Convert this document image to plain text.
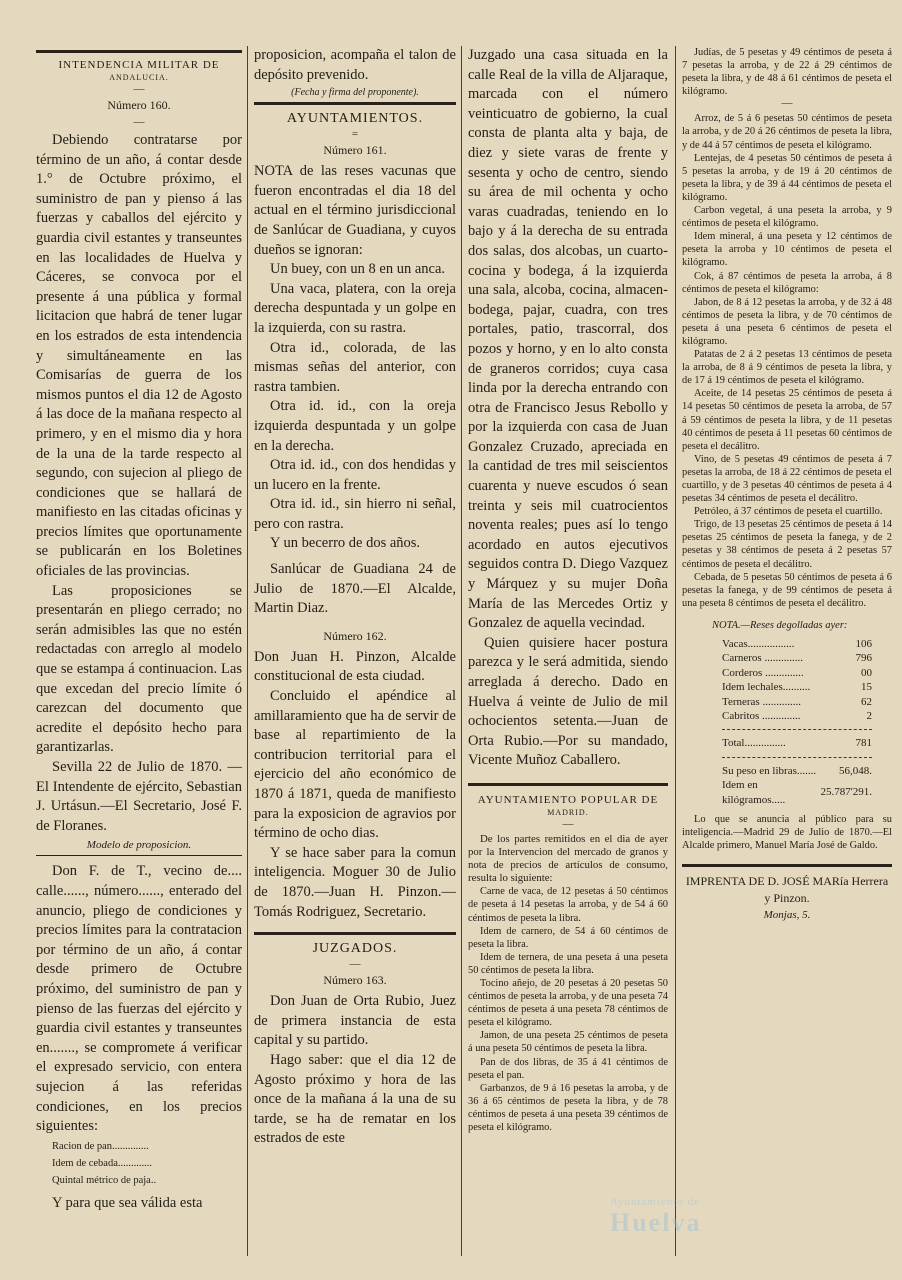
INTENDENCIA MILITAR DE
ANDALUCIA.
—
Número 160.
—

Debiendo contratarse por término de un año, á contar desde 1.° de Octubre próximo, el suministro de pan y pienso á las fuerzas y caballos del ejército y guardia civil estantes y transeuntes en las localidades de Huelva y Cáceres, se convoca por el presente á una pública y formal licitacion que habrá de tener lugar en los estrados de esta intendencia y simultáneamente en las Comisarías de guerra de los mismos puntos el dia 12 de Agosto á las doce de la mañana respecto al primero, y en el mismo dia y hora de la una de la tarde respecto al segundo, con sujecion al pliego de condiciones que se hallará de manifiesto en las citadas oficinas y precios límites que oportunamente se publicarán en los Boletines oficiales de las provincias.

Las proposiciones se presentarán en pliego cerrado; no serán admisibles las que no estén redactadas con arreglo al modelo que se estampa á continuacion. Las que excedan del precio límite ó carezcan del documento que acredite el depósito hecho para garantizarlas.

Sevilla 22 de Julio de 1870. —El Intendente de ejército, Sebastian J. Urtásun.—El Secretario, José F. de Floranes.

Modelo de proposicion.

Don F. de T., vecino de.... calle......, número......, enterado del anuncio, pliego de condiciones y precios límites para la contratacion por término de un año, á contar desde primero de Octubre próximo, del suministro de pan y pienso de las fuerzas del ejército y guardia civil estantes y transeuntes en......., se compromete á verificar el expresado servicio, con entera sujecion á las referidas condiciones, en los precios siguientes:

Racion de pan..............
Idem de cebada.............
Quintal métrico de paja..

Y para que sea válida esta

proposicion, acompaña el talon de depósito prevenido.

(Fecha y firma del proponente).
AYUNTAMIENTOS.
=
Número 161.

NOTA de las reses vacunas que fueron encontradas el dia 18 del actual en el término jurisdiccional de Sanlúcar de Guadiana, y cuyos dueños se ignoran:

Un buey, con un 8 en un anca.

Una vaca, platera, con la oreja derecha despuntada y un golpe en la izquierda, con su rastra.

Otra id., colorada, de las mismas señas del anterior, con rastra tambien.

Otra id. id., con la oreja izquierda despuntada y un golpe en la derecha.

Otra id. id., con dos hendidas y un lucero en la frente.

Otra id. id., sin hierro ni señal, pero con rastra.

Y un becerro de dos años.

Sanlúcar de Guadiana 24 de Julio de 1870.—El Alcalde, Martin Diaz.

Número 162.

Don Juan H. Pinzon, Alcalde constitucional de esta ciudad.

Concluido el apéndice al amillaramiento que ha de servir de base al repartimiento de la contribucion territorial para el ejercicio del año económico de 1870 á 1871, queda de manifiesto para la exposicion de agravios por término de ocho dias.

Y se hace saber para la comun inteligencia. Moguer 30 de Julio de 1870.—Juan H. Pinzon.—Tomás Rodriguez, Secretario.

JUZGADOS.
—
Número 163.

Don Juan de Orta Rubio, Juez de primera instancia de esta capital y su partido.

Hago saber: que el dia 12 de Agosto próximo y hora de las once de la mañana á la una de su tarde, se ha de rematar en los estrados de este

Juzgado una casa situada en la calle Real de la villa de Aljaraque, marcada con el número veinticuatro de gobierno, la cual consta de planta alta y baja, de diez y siete varas de frente y sesenta y ocho de centro, siendo su área de mil ochenta y ocho varas cuadradas, teniendo en lo bajo y á la derecha de su entrada dos salas, dos alcobas, un cuarto-cocina y bodega, á la izquierda una sala, alcoba, cocina, almacen-bodega, pajar, cuadra, con tres portales, patio, trascorral, dos pozos y horno, y en lo alto consta de graneros corridos; cuya casa linda por la derecha entrando con otra de Francisco Jesus Rebollo y por la izquierda con casa de Juan Gonzalez Cruzado, apreciada en la cantidad de tres mil seiscientos cuarenta y nueve escudos ó sean treinta y seis mil cuatrocientos noventa reales; pues así lo tengo acordado en autos ejecutivos seguidos contra D. Diego Vazquez y Márquez y su mujer Doña María de las Mercedes Ortiz y Gonzalez de aquella vecindad.

Quien quisiere hacer postura parezca y le será admitida, siendo arreglada á derecho. Dado en Huelva á veinte de Julio de mil ochocientos setenta.—Juan de Orta Rubio.—Por su mandado, Vicente Muñoz Caballero.

AYUNTAMIENTO POPULAR DE
MADRID.
—

De los partes remitidos en el dia de ayer por la Intervencion del mercado de granos y nota de precios de artículos de consumo, resulta lo siguiente:

Carne de vaca, de 12 pesetas á 50 céntimos de peseta á 14 pesetas la arroba, y de 54 á 60 céntimos de peseta la libra.

Idem de carnero, de 54 á 60 céntimos de peseta la libra.

Idem de ternera, de una peseta á una peseta 50 céntimos de peseta la libra.

Tocino añejo, de 20 pesetas á 20 pesetas 50 céntimos de peseta la arroba, y de una peseta 74 céntimos de peseta á una peseta 78 céntimos de peseta el kilógramo.

Jamon, de una peseta 25 céntimos de peseta á una peseta 50 céntimos de peseta la libra.

Pan de dos libras, de 35 á 41 céntimos de peseta el pan.

Garbanzos, de 9 á 16 pesetas la arroba, y de 36 á 65 céntimos de peseta la libra, y de 78 céntimos de peseta á una peseta 39 céntimos de peseta el kilógramo.

Judías, de 5 pesetas y 49 céntimos de peseta á 7 pesetas la arroba, y de 22 á 29 céntimos de peseta la libra, y de 48 á 61 céntimos de peseta el kilógramo.

—

Arroz, de 5 á 6 pesetas 50 céntimos de peseta la arroba, y de 20 á 26 céntimos de peseta la libra, y de 44 á 57 céntimos de peseta el kilógramo.

Lentejas, de 4 pesetas 50 céntimos de peseta á 5 pesetas la arroba, y de 19 á 20 céntimos de peseta la libra, y de 39 á 44 céntimos de peseta el kilógramo.

Carbon vegetal, á una peseta la arroba, y 9 céntimos de peseta el kilógramo.

Idem mineral, á una peseta y 12 céntimos de peseta la arroba y 10 céntimos de peseta el kilógramo.

Cok, á 87 céntimos de peseta la arroba, á 8 céntimos de peseta el kilógramo:

Jabon, de 8 á 12 pesetas la arroba, y de 32 á 48 céntimos de peseta la libra, y de 70 céntimos de peseta á una peseta 6 céntimos de peseta el kilógramo.

Patatas de 2 á 2 pesetas 13 céntimos de peseta la arroba, de 8 á 9 céntimos de peseta la libra, y de 17 á 19 céntimos de peseta el kilógramo.

Aceite, de 14 pesetas 25 céntimos de peseta á 14 pesetas 50 céntimos de peseta la arroba, de 57 á 59 céntimos de peseta la libra, y de 11 pesetas 40 céntimos de peseta á 11 pesetas 60 céntimos de peseta el decálitro.

Vino, de 5 pesetas 49 céntimos de peseta á 7 pesetas la arroba, de 18 á 22 céntimos de peseta el cuartillo, y de 3 pesetas 40 céntimos de peseta á 4 pesetas 34 céntimos de peseta el decálitro.

Petróleo, á 37 céntimos de peseta el cuartillo.

Trigo, de 13 pesetas 25 céntimos de peseta á 14 pesetas 25 céntimos de peseta la fanega, y de 2 pesetas y 38 céntimos de peseta á 2 pesetas 57 céntimos de peseta el decálitro.

Cebada, de 5 pesetas 50 céntimos de peseta á 6 pesetas la fanega, y de 99 céntimos de peseta á una peseta 8 céntimos de peseta el decálitro.

NOTA.—Reses degolladas ayer:
Vacas.................	106
Carneros ..............	796
Corderos ..............	00
Idem lechales..........	15
Terneras ..............	62
Cabritos ..............	2
Total...............	781
Su peso en libras.......	56,048.
Idem en kilógramos.....	25.787'291.

Lo que se anuncia al público para su inteligencia.—Madrid 29 de Julio de 1870.—El Alcalde primero, Manuel María José de Galdo.

IMPRENTA DE D. JOSÉ MARía Herrera y Pinzon.
Monjas, 5.
Ayuntamiento de
Huelva
